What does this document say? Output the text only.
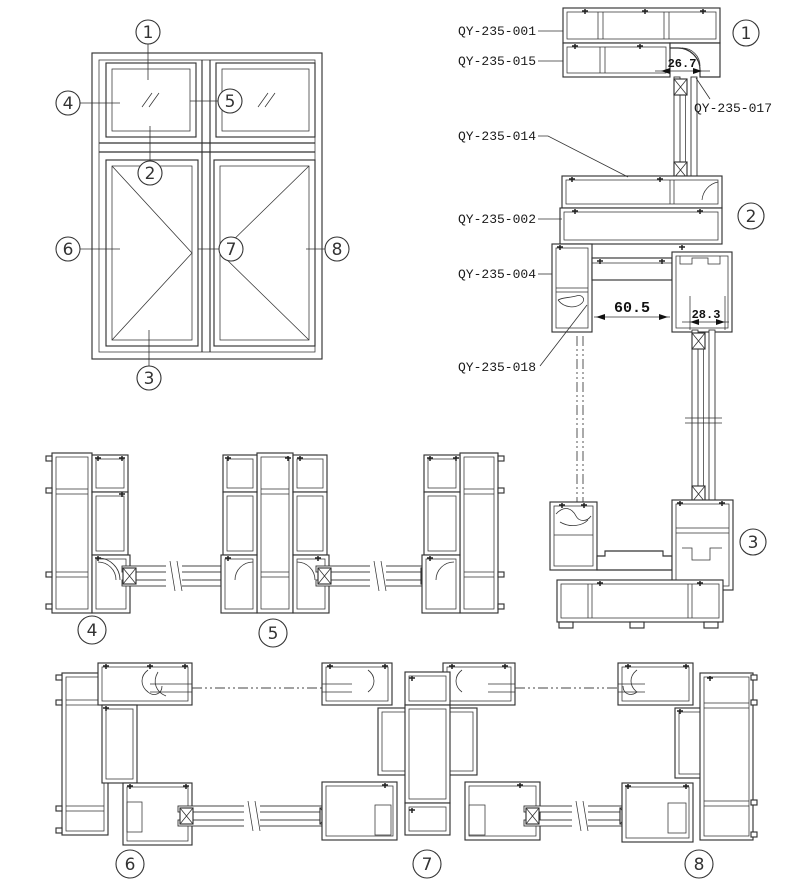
1
2
3
4	5
6	7	8
26.7
QY-235-001
QY-235-015
QY-235-017
1
60.5	28.3
QY-235-014
QY-235-002
QY-235-004
QY-235-018
2
3
4	5
6	7	8
